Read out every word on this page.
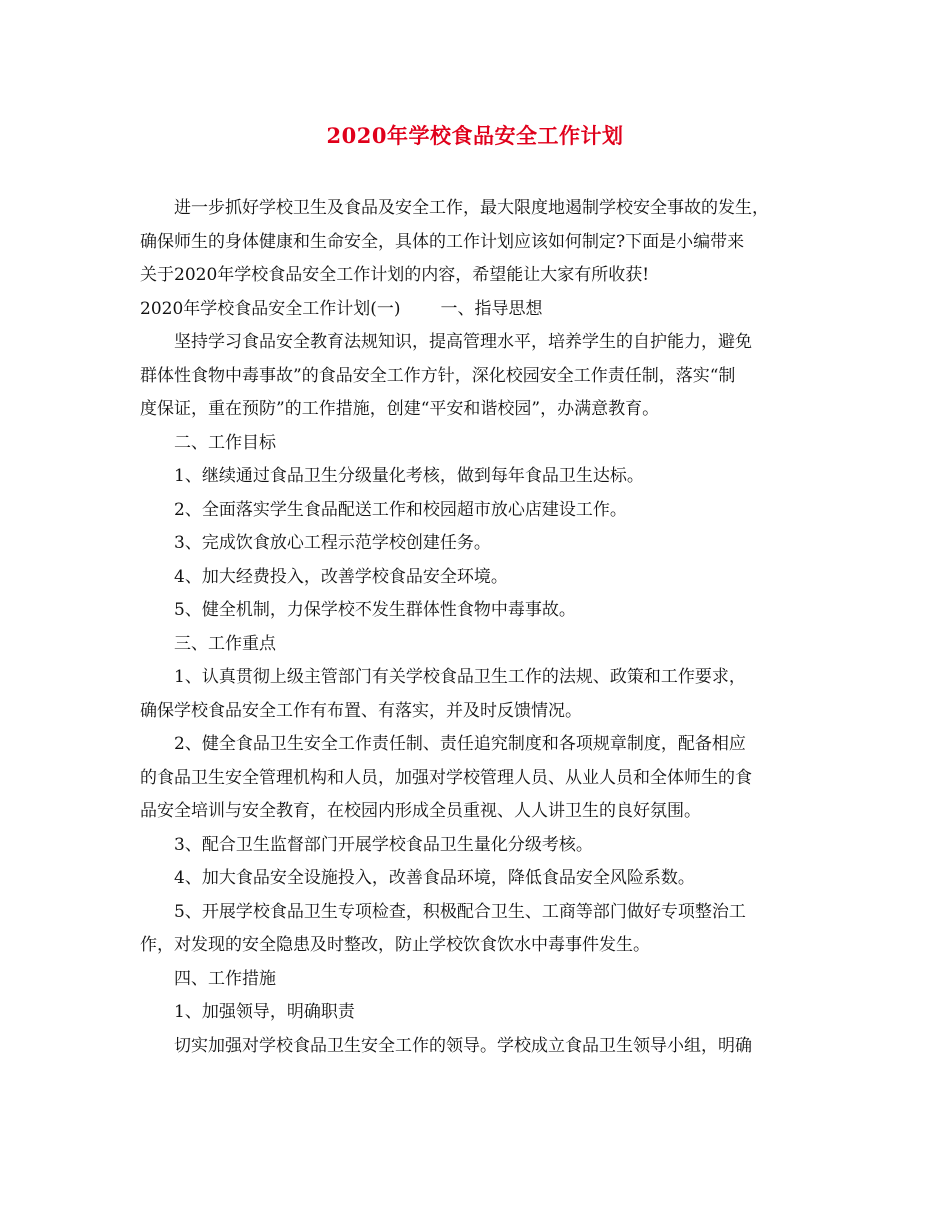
2020年学校食品安全工作计划
进一步抓好学校卫生及食品及安全工作，最大限度地遏制学校安全事故的发生，
确保师生的身体健康和生命安全，具体的工作计划应该如何制定?下面是小编带来
关于2020年学校食品安全工作计划的内容，希望能让大家有所收获!
2020年学校食品安全工作计划(一) 一、指导思想
坚持学习食品安全教育法规知识，提高管理水平，培养学生的自护能力，避免
群体性食物中毒事故”的食品安全工作方针，深化校园安全工作责任制，落实“制
度保证，重在预防”的工作措施，创建“平安和谐校园”，办满意教育。
二、工作目标
1、继续通过食品卫生分级量化考核，做到每年食品卫生达标。
2、全面落实学生食品配送工作和校园超市放心店建设工作。
3、完成饮食放心工程示范学校创建任务。
4、加大经费投入，改善学校食品安全环境。
5、健全机制，力保学校不发生群体性食物中毒事故。
三、工作重点
1、认真贯彻上级主管部门有关学校食品卫生工作的法规、政策和工作要求，
确保学校食品安全工作有布置、有落实，并及时反馈情况。
2、健全食品卫生安全工作责任制、责任追究制度和各项规章制度，配备相应
的食品卫生安全管理机构和人员，加强对学校管理人员、从业人员和全体师生的食
品安全培训与安全教育，在校园内形成全员重视、人人讲卫生的良好氛围。
3、配合卫生监督部门开展学校食品卫生量化分级考核。
4、加大食品安全设施投入，改善食品环境，降低食品安全风险系数。
5、开展学校食品卫生专项检查，积极配合卫生、工商等部门做好专项整治工
作，对发现的安全隐患及时整改，防止学校饮食饮水中毒事件发生。
四、工作措施
1、加强领导，明确职责
切实加强对学校食品卫生安全工作的领导。学校成立食品卫生领导小组，明确
